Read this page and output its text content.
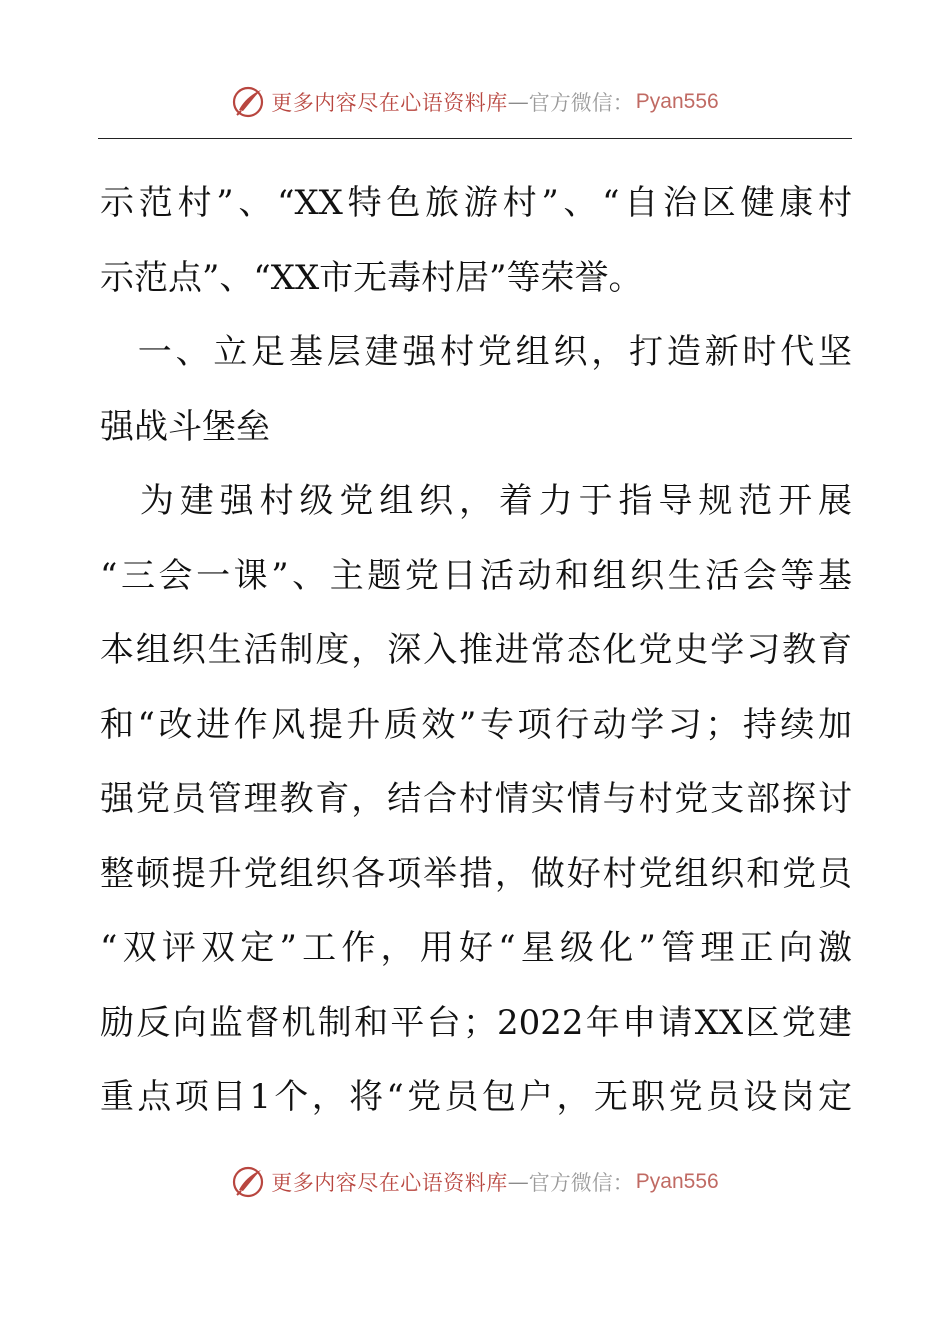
更多内容尽在心语资料库 — 官方微信： Pyan556
示范村”、“XX特色旅游村”、“自治区健康村
示范点”、“XX市无毒村居”等荣誉。
　一、立足基层建强村党组织，打造新时代坚
强战斗堡垒
　为建强村级党组织，着力于指导规范开展
“三会一课”、主题党日活动和组织生活会等基
本组织生活制度，深入推进常态化党史学习教育
和“改进作风提升质效”专项行动学习；持续加
强党员管理教育，结合村情实情与村党支部探讨
整顿提升党组织各项举措，做好村党组织和党员
“双评双定”工作，用好“星级化”管理正向激
励反向监督机制和平台；2022年申请XX区党建
重点项目1个，将“党员包户，无职党员设岗定
更多内容尽在心语资料库 — 官方微信： Pyan556
